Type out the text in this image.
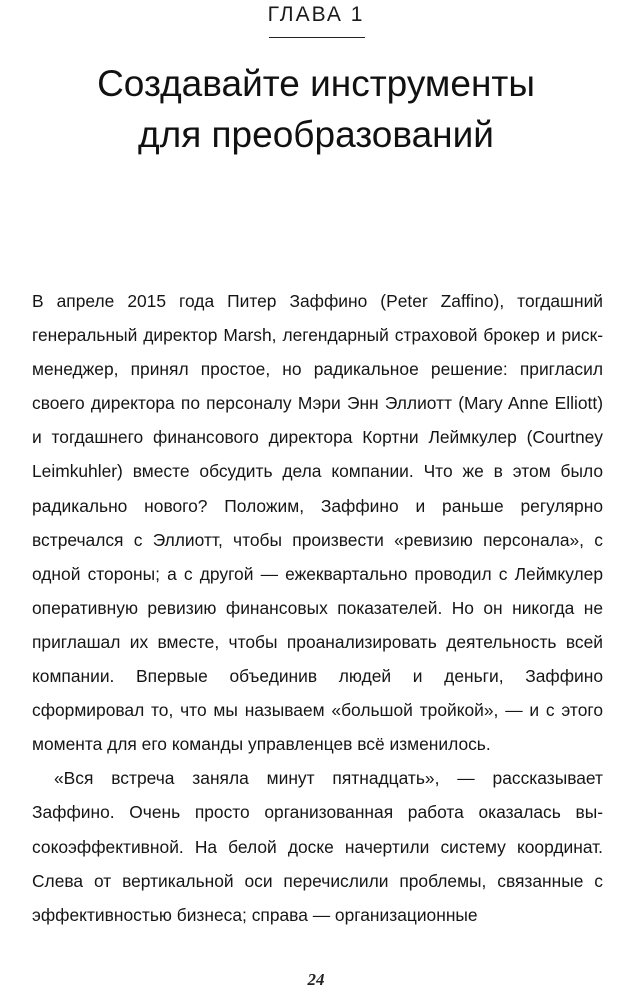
ГЛАВА 1
Создавайте инструменты
для преобразований

В апреле 2015 года Питер Заффино (Peter Zaffino), тогдашний генеральный директор Marsh, легендарный страховой брокер и риск-менеджер, принял простое, но радикальное решение: пригласил своего директора по персоналу Мэри Энн Эллиотт (Mary Anne Elliott) и тогдашнего финансового директора Кортни Леймкулер (Courtney Leimkuhler) вместе обсудить дела компании. Что же в этом было радикально нового? Положим, Заффино и раньше регулярно встречался с Эллиотт, чтобы произвести «ревизию персонала», с одной стороны; а с другой — ежеквартально проводил с Леймкулер оперативную ревизию финансовых показателей. Но он никогда не приглашал их вместе, чтобы проанализировать деятельность всей компании. Впервые объединив людей и деньги, Заффино сформировал то, что мы называем «большой тройкой», — и с этого момента для его команды управленцев всё изменилось.

«Вся встреча заняла минут пятнадцать», — рассказывает Заффино. Очень просто организованная работа оказалась высокоэффективной. На белой доске начертили систему координат. Слева от вертикальной оси перечислили проблемы, связанные с эффективностью бизнеса; справа — организационные

24
